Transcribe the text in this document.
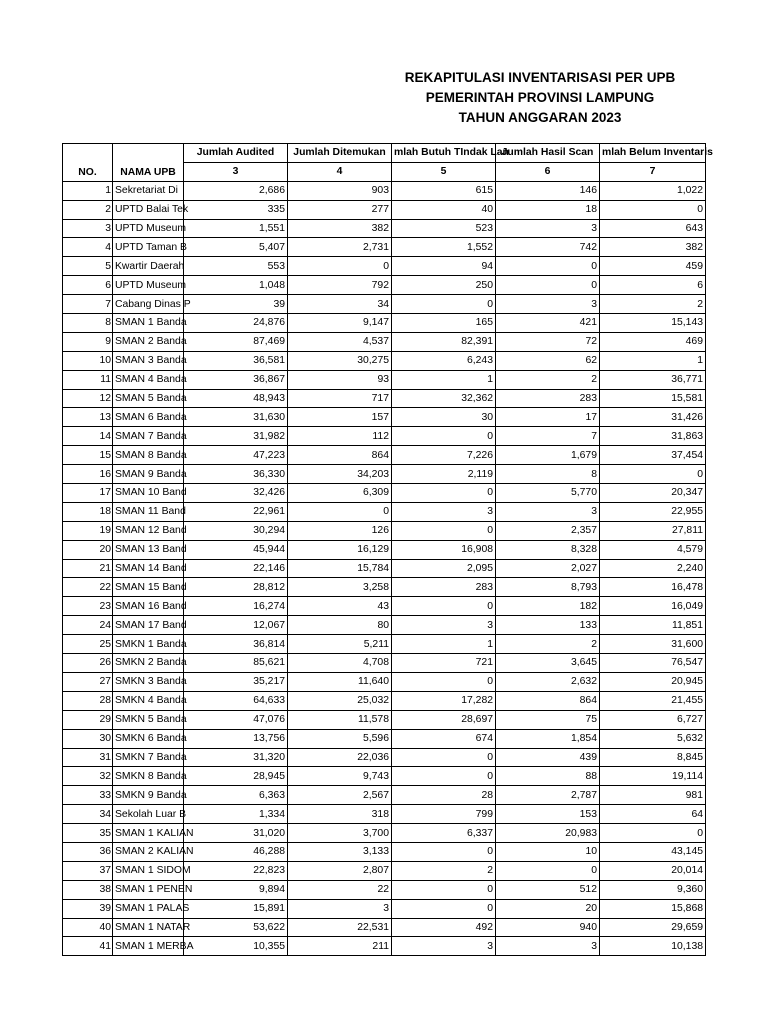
REKAPITULASI INVENTARISASI PER UPB
PEMERINTAH PROVINSI LAMPUNG
TAHUN ANGGARAN 2023
NO.	NAMA UPB	Jumlah Audited	Jumlah Ditemukan	mlah Butuh TIndak Lan	Jumlah Hasil Scan	mlah Belum Inventaris

		3	4	5	6	7
1	Sekretariat Di	2,686	903	615	146	1,022
2	UPTD Balai Tek	335	277	40	18	0
3	UPTD Museum	1,551	382	523	3	643
4	UPTD Taman B	5,407	2,731	1,552	742	382
5	Kwartir Daerah	553	0	94	0	459
6	UPTD Museum	1,048	792	250	0	6
7	Cabang Dinas P	39	34	0	3	2
8	SMAN 1 Banda	24,876	9,147	165	421	15,143
9	SMAN 2 Banda	87,469	4,537	82,391	72	469
10	SMAN 3 Banda	36,581	30,275	6,243	62	1
11	SMAN 4 Banda	36,867	93	1	2	36,771
12	SMAN 5 Banda	48,943	717	32,362	283	15,581
13	SMAN 6 Banda	31,630	157	30	17	31,426
14	SMAN 7 Banda	31,982	112	0	7	31,863
15	SMAN 8 Banda	47,223	864	7,226	1,679	37,454
16	SMAN 9 Banda	36,330	34,203	2,119	8	0
17	SMAN 10 Band	32,426	6,309	0	5,770	20,347
18	SMAN 11 Band	22,961	0	3	3	22,955
19	SMAN 12 Band	30,294	126	0	2,357	27,811
20	SMAN 13 Band	45,944	16,129	16,908	8,328	4,579
21	SMAN 14 Band	22,146	15,784	2,095	2,027	2,240
22	SMAN 15 Band	28,812	3,258	283	8,793	16,478
23	SMAN 16 Band	16,274	43	0	182	16,049
24	SMAN 17 Band	12,067	80	3	133	11,851
25	SMKN 1 Banda	36,814	5,211	1	2	31,600
26	SMKN 2 Banda	85,621	4,708	721	3,645	76,547
27	SMKN 3 Banda	35,217	11,640	0	2,632	20,945
28	SMKN 4 Banda	64,633	25,032	17,282	864	21,455
29	SMKN 5 Banda	47,076	11,578	28,697	75	6,727
30	SMKN 6 Banda	13,756	5,596	674	1,854	5,632
31	SMKN 7 Banda	31,320	22,036	0	439	8,845
32	SMKN 8 Banda	28,945	9,743	0	88	19,114
33	SMKN 9 Banda	6,363	2,567	28	2,787	981
34	Sekolah Luar B	1,334	318	799	153	64
35	SMAN 1 KALIAN	31,020	3,700	6,337	20,983	0
36	SMAN 2 KALIAN	46,288	3,133	0	10	43,145
37	SMAN 1 SIDOM	22,823	2,807	2	0	20,014
38	SMAN 1 PENEN	9,894	22	0	512	9,360
39	SMAN 1 PALAS	15,891	3	0	20	15,868
40	SMAN 1 NATAR	53,622	22,531	492	940	29,659
41	SMAN 1 MERBA	10,355	211	3	3	10,138
